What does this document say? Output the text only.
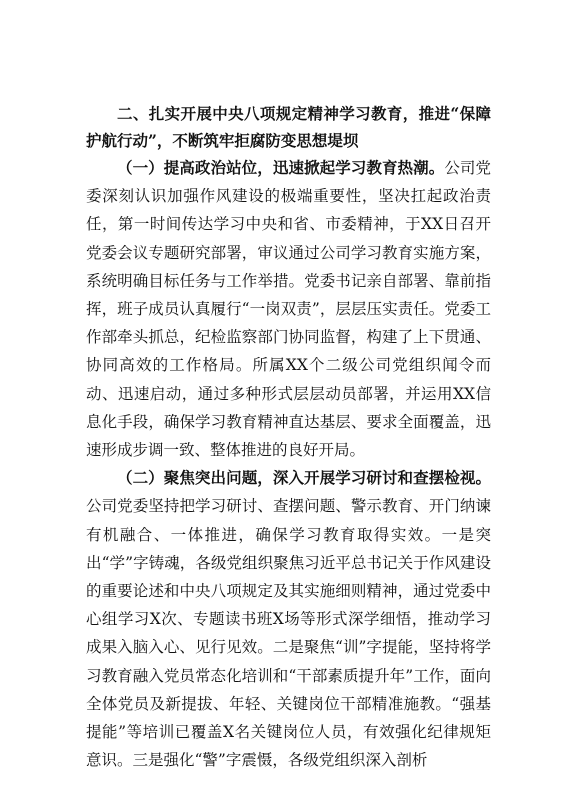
二、扎实开展中央八项规定精神学习教育，推进“保障护航行动”，不断筑牢拒腐防变思想堤坝

（一）提高政治站位，迅速掀起学习教育热潮。公司党委深刻认识加强作风建设的极端重要性，坚决扛起政治责任，第一时间传达学习中央和省、市委精神，于XX日召开党委会议专题研究部署，审议通过公司学习教育实施方案，系统明确目标任务与工作举措。党委书记亲自部署、靠前指挥，班子成员认真履行“一岗双责”，层层压实责任。党委工作部牵头抓总，纪检监察部门协同监督，构建了上下贯通、协同高效的工作格局。所属XX个二级公司党组织闻令而动、迅速启动，通过多种形式层层动员部署，并运用XX信息化手段，确保学习教育精神直达基层、要求全面覆盖，迅速形成步调一致、整体推进的良好开局。

（二）聚焦突出问题，深入开展学习研讨和查摆检视。公司党委坚持把学习研讨、查摆问题、警示教育、开门纳谏有机融合、一体推进，确保学习教育取得实效。一是突出“学”字铸魂，各级党组织聚焦习近平总书记关于作风建设的重要论述和中央八项规定及其实施细则精神，通过党委中心组学习X次、专题读书班X场等形式深学细悟，推动学习成果入脑入心、见行见效。二是聚焦“训”字提能，坚持将学习教育融入党员常态化培训和“干部素质提升年”工作，面向全体党员及新提拔、年轻、关键岗位干部精准施教。“强基提能”等培训已覆盖X名关键岗位人员，有效强化纪律规矩意识。三是强化“警”字震慑，各级党组织深入剖析
